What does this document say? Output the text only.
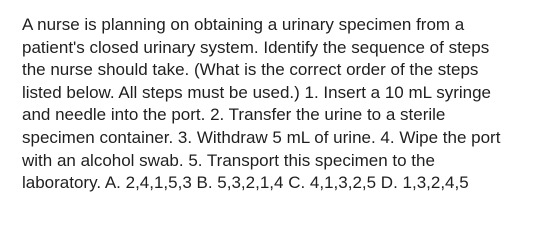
A nurse is planning on obtaining a urinary specimen from a
patient's closed urinary system. Identify the sequence of steps
the nurse should take. (What is the correct order of the steps
listed below. All steps must be used.) 1. Insert a 10 mL syringe
and needle into the port. 2. Transfer the urine to a sterile
specimen container. 3. Withdraw 5 mL of urine. 4. Wipe the port
with an alcohol swab. 5. Transport this specimen to the
laboratory. A. 2,4,1,5,3 B. 5,3,2,1,4 C. 4,1,3,2,5 D. 1,3,2,4,5
